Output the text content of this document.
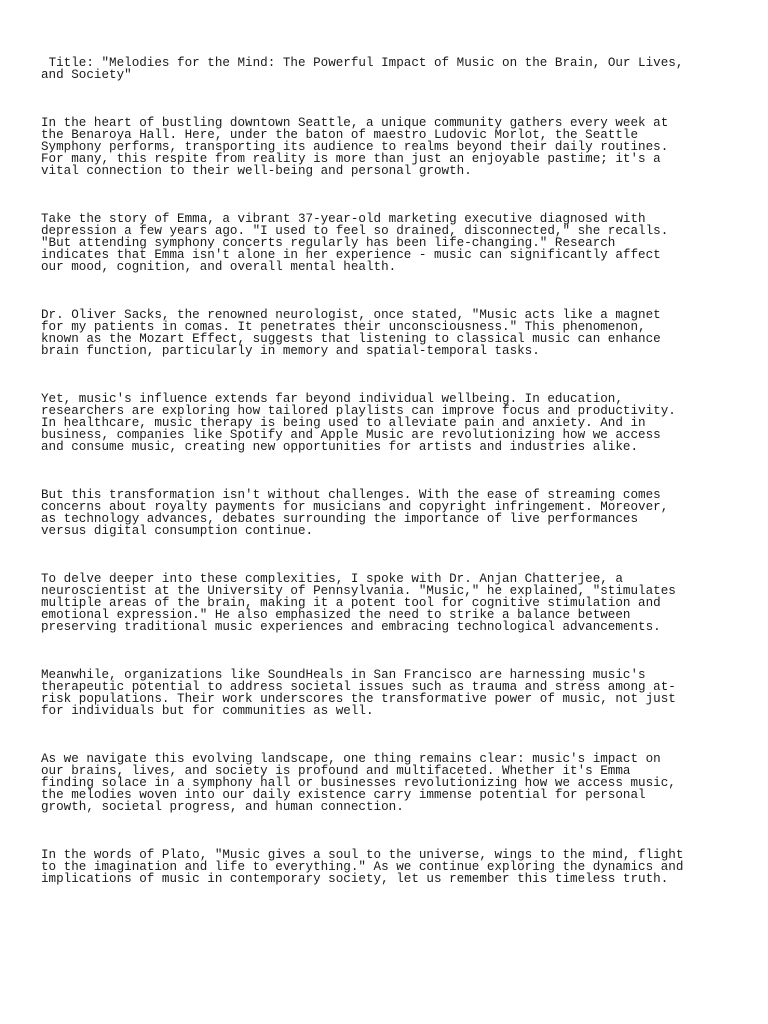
Title: "Melodies for the Mind: The Powerful Impact of Music on the Brain, Our Lives,
and Society"

In the heart of bustling downtown Seattle, a unique community gathers every week at
the Benaroya Hall. Here, under the baton of maestro Ludovic Morlot, the Seattle
Symphony performs, transporting its audience to realms beyond their daily routines.
For many, this respite from reality is more than just an enjoyable pastime; it's a
vital connection to their well-being and personal growth.

Take the story of Emma, a vibrant 37-year-old marketing executive diagnosed with
depression a few years ago. "I used to feel so drained, disconnected," she recalls.
"But attending symphony concerts regularly has been life-changing." Research
indicates that Emma isn't alone in her experience - music can significantly affect
our mood, cognition, and overall mental health.

Dr. Oliver Sacks, the renowned neurologist, once stated, "Music acts like a magnet
for my patients in comas. It penetrates their unconsciousness." This phenomenon,
known as the Mozart Effect, suggests that listening to classical music can enhance
brain function, particularly in memory and spatial-temporal tasks.

Yet, music's influence extends far beyond individual wellbeing. In education,
researchers are exploring how tailored playlists can improve focus and productivity.
In healthcare, music therapy is being used to alleviate pain and anxiety. And in
business, companies like Spotify and Apple Music are revolutionizing how we access
and consume music, creating new opportunities for artists and industries alike.

But this transformation isn't without challenges. With the ease of streaming comes
concerns about royalty payments for musicians and copyright infringement. Moreover,
as technology advances, debates surrounding the importance of live performances
versus digital consumption continue.

To delve deeper into these complexities, I spoke with Dr. Anjan Chatterjee, a
neuroscientist at the University of Pennsylvania. "Music," he explained, "stimulates
multiple areas of the brain, making it a potent tool for cognitive stimulation and
emotional expression." He also emphasized the need to strike a balance between
preserving traditional music experiences and embracing technological advancements.

Meanwhile, organizations like SoundHeals in San Francisco are harnessing music's
therapeutic potential to address societal issues such as trauma and stress among at-
risk populations. Their work underscores the transformative power of music, not just
for individuals but for communities as well.

As we navigate this evolving landscape, one thing remains clear: music's impact on
our brains, lives, and society is profound and multifaceted. Whether it's Emma
finding solace in a symphony hall or businesses revolutionizing how we access music,
the melodies woven into our daily existence carry immense potential for personal
growth, societal progress, and human connection.

In the words of Plato, "Music gives a soul to the universe, wings to the mind, flight
to the imagination and life to everything." As we continue exploring the dynamics and
implications of music in contemporary society, let us remember this timeless truth.
